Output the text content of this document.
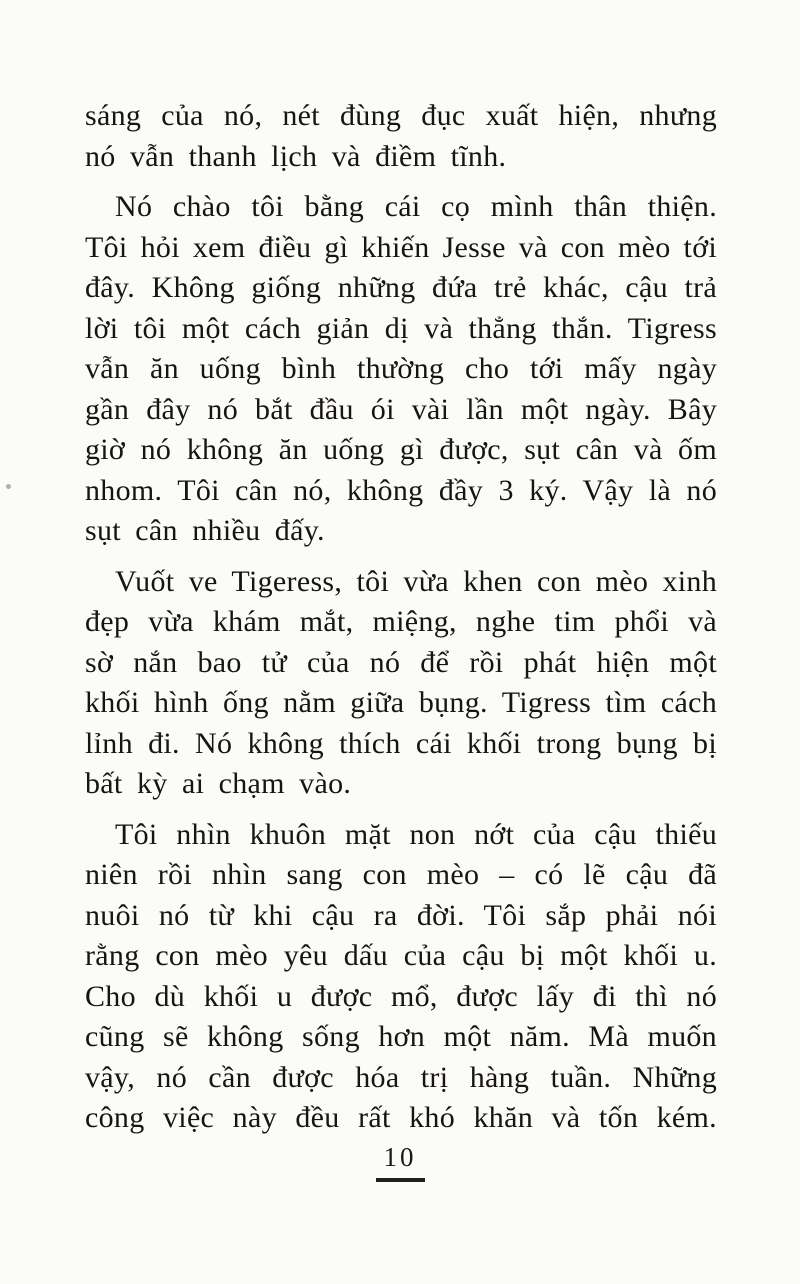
sáng của nó, nét đùng đục xuất hiện, nhưng
nó vẫn thanh lịch và điềm tĩnh.
Nó chào tôi bằng cái cọ mình thân thiện.
Tôi hỏi xem điều gì khiến Jesse và con mèo tới
đây. Không giống những đứa trẻ khác, cậu trả
lời tôi một cách giản dị và thẳng thắn. Tigress
vẫn ăn uống bình thường cho tới mấy ngày
gần đây nó bắt đầu ói vài lần một ngày. Bây
giờ nó không ăn uống gì được, sụt cân và ốm
nhom. Tôi cân nó, không đầy 3 ký. Vậy là nó
sụt cân nhiều đấy.
Vuốt ve Tigeress, tôi vừa khen con mèo xinh
đẹp vừa khám mắt, miệng, nghe tim phổi và
sờ nắn bao tử của nó để rồi phát hiện một
khối hình ống nằm giữa bụng. Tigress tìm cách
lỉnh đi. Nó không thích cái khối trong bụng bị
bất kỳ ai chạm vào.
Tôi nhìn khuôn mặt non nớt của cậu thiếu
niên rồi nhìn sang con mèo – có lẽ cậu đã
nuôi nó từ khi cậu ra đời. Tôi sắp phải nói
rằng con mèo yêu dấu của cậu bị một khối u.
Cho dù khối u được mổ, được lấy đi thì nó
cũng sẽ không sống hơn một năm. Mà muốn
vậy, nó cần được hóa trị hàng tuần. Những
công việc này đều rất khó khăn và tốn kém.
10
